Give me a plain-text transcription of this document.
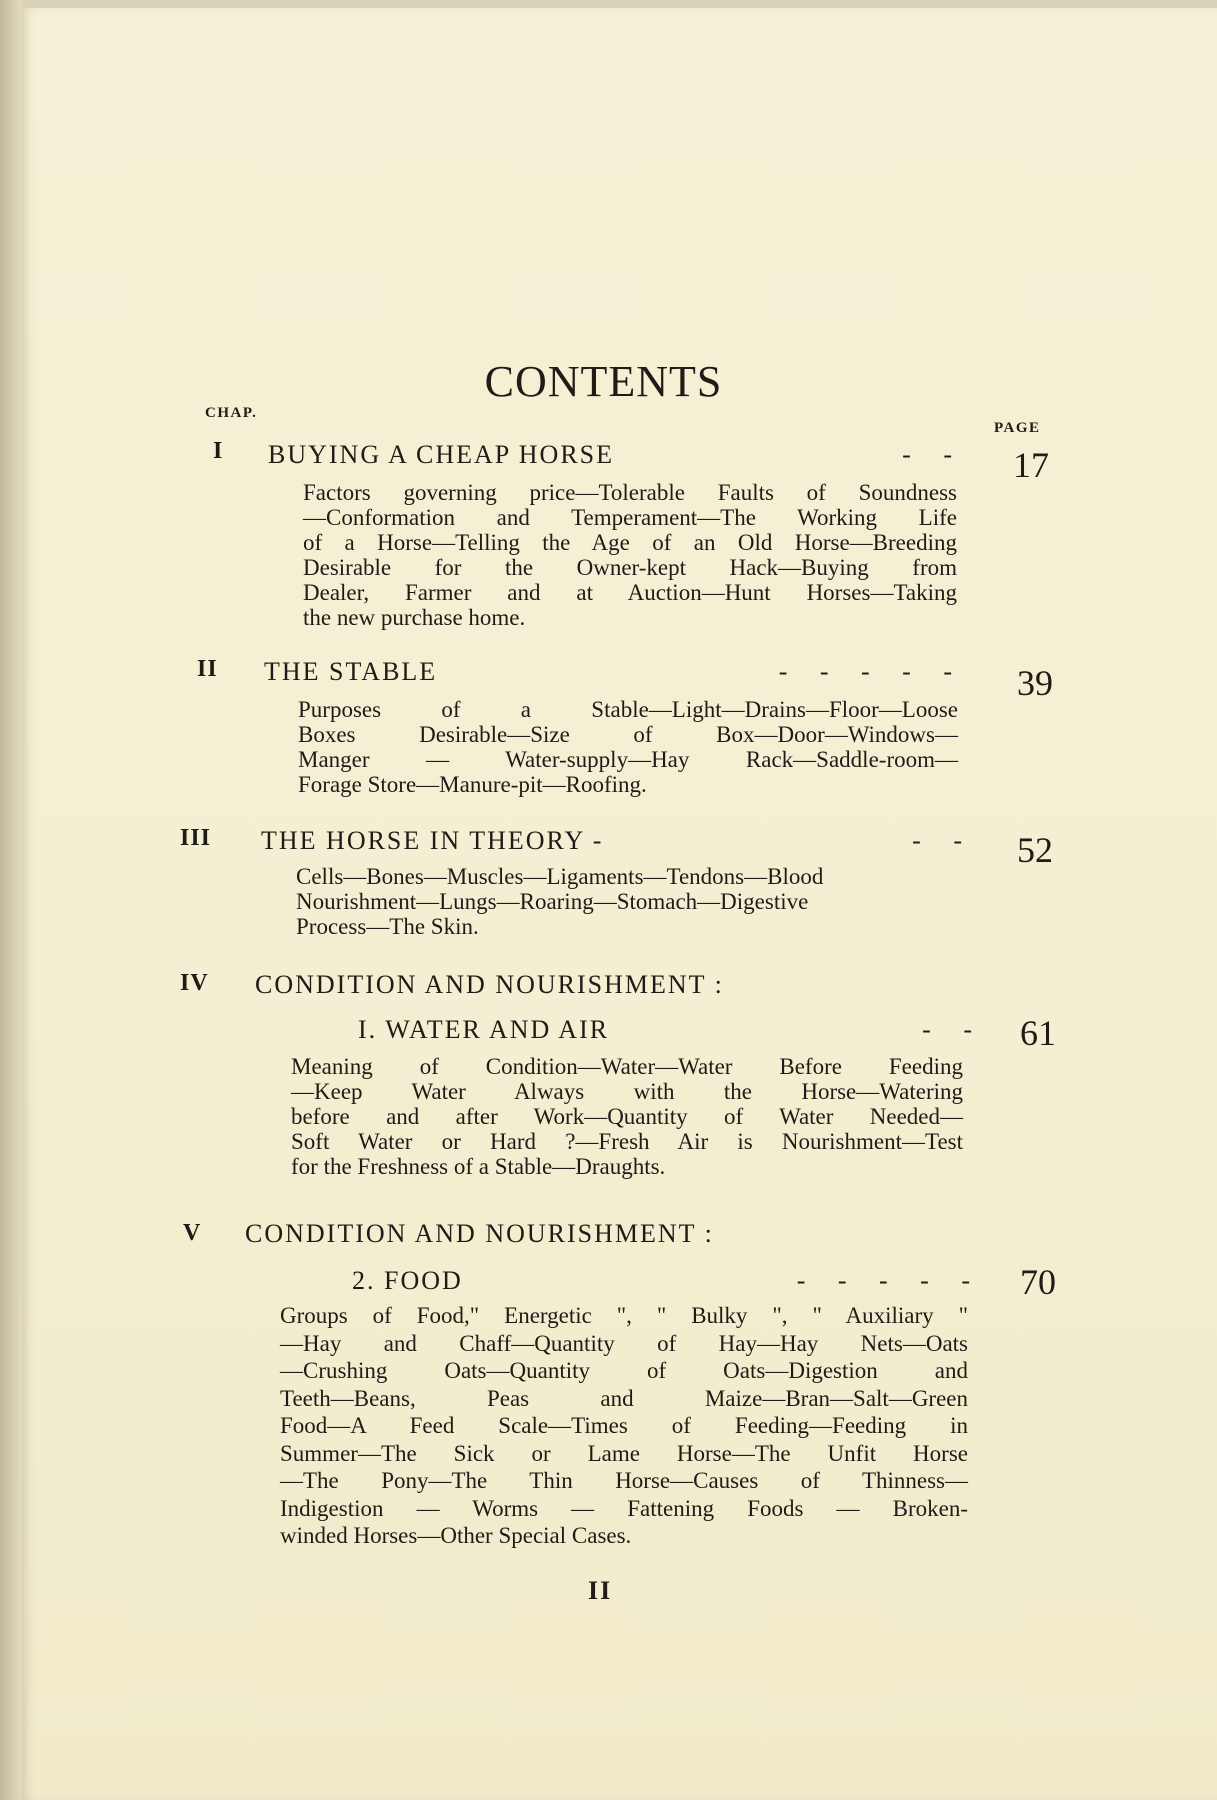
CONTENTS
CHAP.
PAGE
I BUYING A CHEAP HORSE	-     - 17
Factors governing price—Tolerable Faults of Soundness
—Conformation and Temperament—The Working Life
of a Horse—Telling the Age of an Old Horse—Breeding
Desirable for the Owner-kept Hack—Buying from
Dealer, Farmer and at Auction—Hunt Horses—Taking
the new purchase home.
II THE STABLE	-     -     -     -     - 39
Purposes of a Stable—Light—Drains—Floor—Loose
Boxes Desirable—Size of Box—Door—Windows—
Manger — Water-supply—Hay Rack—Saddle-room—
Forage Store—Manure-pit—Roofing.
III THE HORSE IN THEORY -	-     - 52
Cells—Bones—Muscles—Ligaments—Tendons—Blood
Nourishment—Lungs—Roaring—Stomach—Digestive
Process—The Skin.
IV CONDITION AND NOURISHMENT :
I. WATER AND AIR	-     - 61
Meaning of Condition—Water—Water Before Feeding
—Keep Water Always with the Horse—Watering
before and after Work—Quantity of Water Needed—
Soft Water or Hard ?—Fresh Air is Nourishment—Test
for the Freshness of a Stable—Draughts.
V CONDITION AND NOURISHMENT :
2. FOOD	-     -     -     -     - 70
Groups of Food," Energetic ", " Bulky ", " Auxiliary "
—Hay and Chaff—Quantity of Hay—Hay Nets—Oats
—Crushing Oats—Quantity of Oats—Digestion and
Teeth—Beans, Peas and Maize—Bran—Salt—Green
Food—A Feed Scale—Times of Feeding—Feeding in
Summer—The Sick or Lame Horse—The Unfit Horse
—The Pony—The Thin Horse—Causes of Thinness—
Indigestion — Worms — Fattening Foods — Broken-
winded Horses—Other Special Cases.
II
